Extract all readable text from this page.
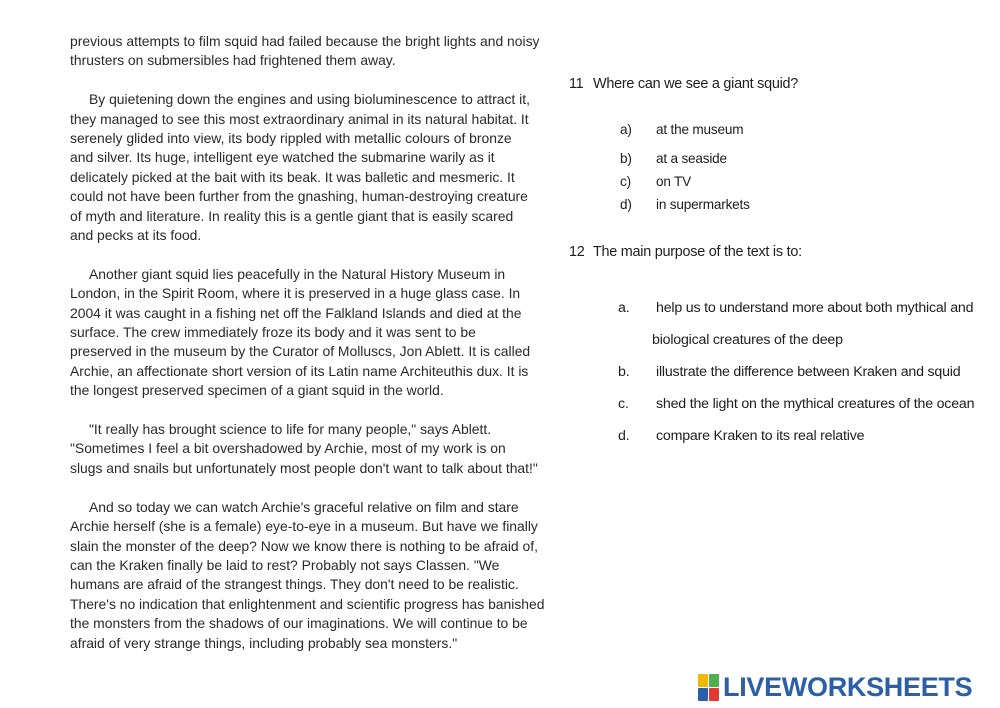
previous attempts to film squid had failed because the bright lights and noisy
thrusters on submersibles had frightened them away.

By quietening down the engines and using bioluminescence to attract it,
they managed to see this most extraordinary animal in its natural habitat. It
serenely glided into view, its body rippled with metallic colours of bronze
and silver. Its huge, intelligent eye watched the submarine warily as it
delicately picked at the bait with its beak. It was balletic and mesmeric. It
could not have been further from the gnashing, human-destroying creature
of myth and literature. In reality this is a gentle giant that is easily scared
and pecks at its food.

Another giant squid lies peacefully in the Natural History Museum in
London, in the Spirit Room, where it is preserved in a huge glass case. In
2004 it was caught in a fishing net off the Falkland Islands and died at the
surface. The crew immediately froze its body and it was sent to be
preserved in the museum by the Curator of Molluscs, Jon Ablett. It is called
Archie, an affectionate short version of its Latin name Architeuthis dux. It is
the longest preserved specimen of a giant squid in the world.

"It really has brought science to life for many people," says Ablett.
"Sometimes I feel a bit overshadowed by Archie, most of my work is on
slugs and snails but unfortunately most people don't want to talk about that!"

And so today we can watch Archie's graceful relative on film and stare
Archie herself (she is a female) eye-to-eye in a museum. But have we finally
slain the monster of the deep? Now we know there is nothing to be afraid of,
can the Kraken finally be laid to rest? Probably not says Classen. "We
humans are afraid of the strangest things. They don't need to be realistic.
There's no indication that enlightenment and scientific progress has banished
the monsters from the shadows of our imaginations. We will continue to be
afraid of very strange things, including probably sea monsters."

11 Where can we see a giant squid?
a) at the museum
b) at a seaside
c) on TV
d) in supermarkets
12 The main purpose of the text is to:
a. help us to understand more about both mythical and
biological creatures of the deep
b. illustrate the difference between Kraken and squid
c. shed the light on the mythical creatures of the ocean
d. compare Kraken to its real relative
LIVEWORKSHEETS
